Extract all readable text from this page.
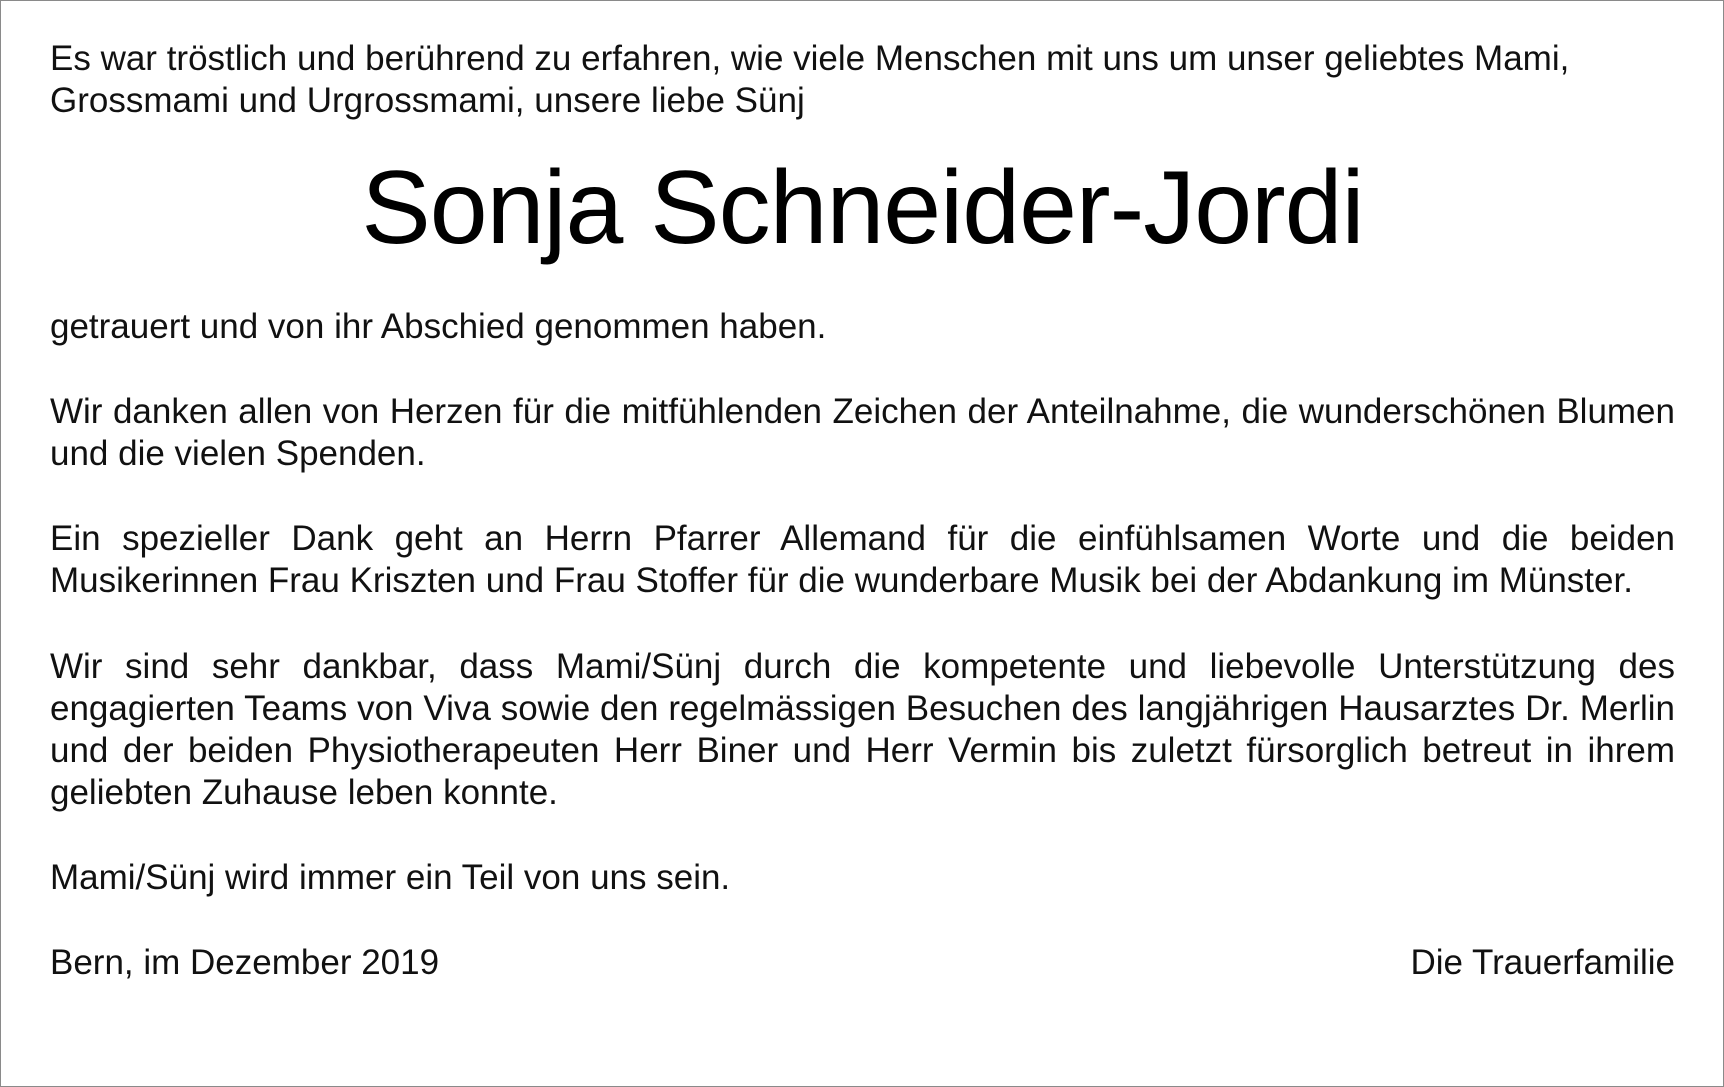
Es war tröstlich und berührend zu erfahren, wie viele Menschen mit uns um unser geliebtes Mami, Grossmami und Urgrossmami, unsere liebe Sünj

Sonja Schneider-Jordi

getrauert und von ihr Abschied genommen haben.

Wir danken allen von Herzen für die mitfühlenden Zeichen der Anteilnahme, die wunderschönen Blumen und die vielen Spenden.

Ein spezieller Dank geht an Herrn Pfarrer Allemand für die einfühlsamen Worte und die beiden Musikerinnen Frau Kriszten und Frau Stoffer für die wunderbare Musik bei der Abdankung im Münster.

Wir sind sehr dankbar, dass Mami/Sünj durch die kompetente und liebevolle Unterstützung des engagierten Teams von Viva sowie den regelmässigen Besuchen des langjährigen Hausarztes Dr. Merlin und der beiden Physiotherapeuten Herr Biner und Herr Vermin bis zuletzt fürsorglich betreut in ihrem geliebten Zuhause leben konnte.

Mami/Sünj wird immer ein Teil von uns sein.

Bern, im Dezember 2019	Die Trauerfamilie
